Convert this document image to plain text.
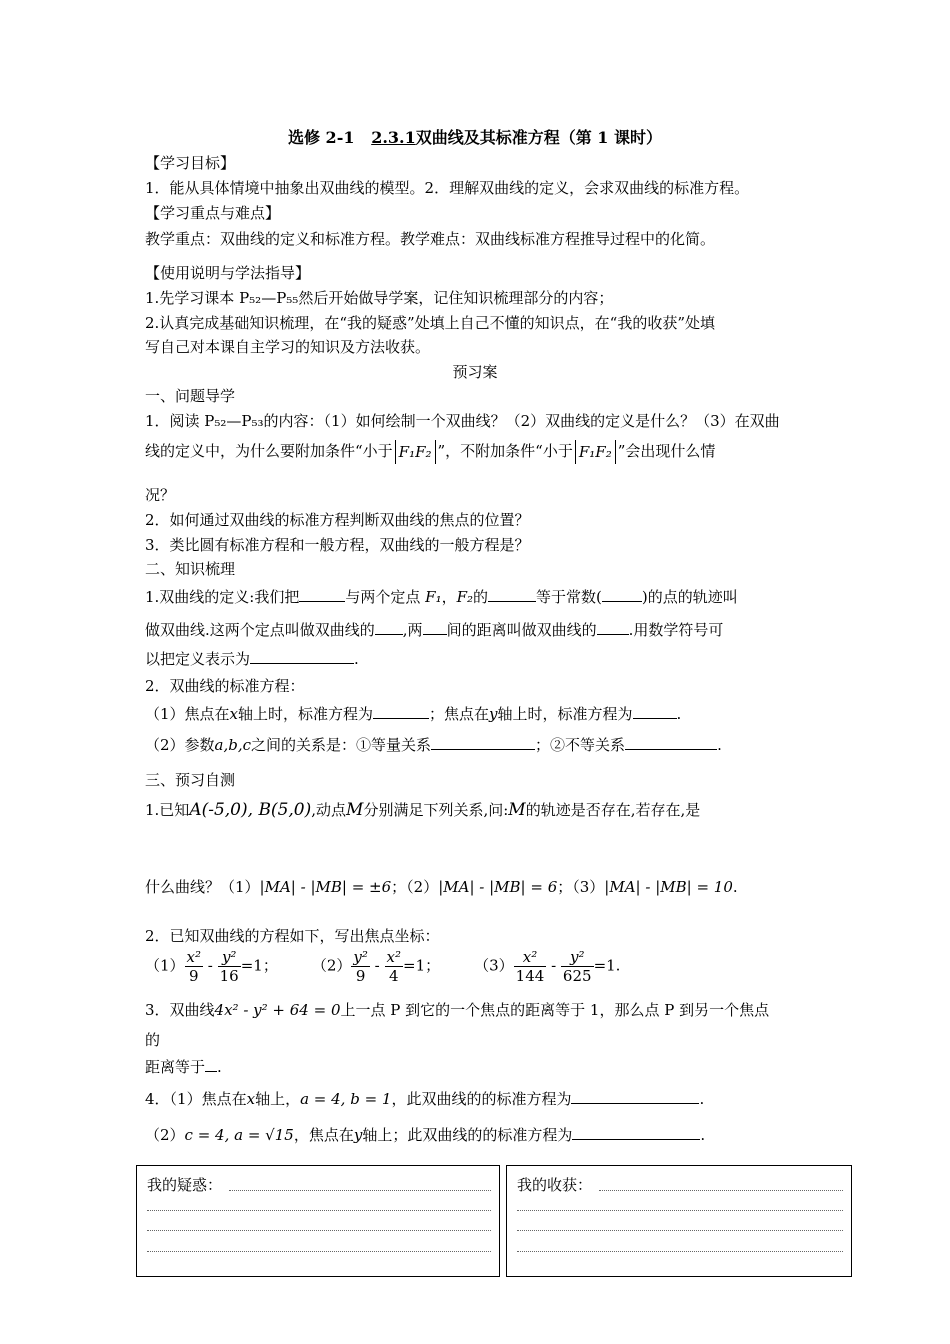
选修 2-1 2.3.1双曲线及其标准方程（第 1 课时）
【学习目标】
1．能从具体情境中抽象出双曲线的模型。2．理解双曲线的定义，会求双曲线的标准方程。
【学习重点与难点】
教学重点：双曲线的定义和标准方程。教学难点：双曲线标准方程推导过程中的化简。
【使用说明与学法指导】
1.先学习课本 P₅₂—P₅₅然后开始做导学案，记住知识梳理部分的内容；
2.认真完成基础知识梳理，在“我的疑惑”处填上自己不懂的知识点，在“我的收获”处填
写自己对本课自主学习的知识及方法收获。
预习案
一、问题导学
1．阅读 P₅₂—P₅₃的内容：（1）如何绘制一个双曲线？（2）双曲线的定义是什么？（3）在双曲
线的定义中，为什么要附加条件“小于 F₁F₂ ”，不附加条件“小于 F₁F₂ ”会出现什么情
况？
2．如何通过双曲线的标准方程判断双曲线的焦点的位置？
3．类比圆有标准方程和一般方程，双曲线的一般方程是？
二、知识梳理
1.双曲线的定义:我们把	与两个定点 F₁，F₂的	等于常数(	)的点的轨迹叫
做双曲线.这两个定点叫做双曲线的 ,两 间的距离叫做双曲线的 .用数学符号可
以把定义表示为	.
2．双曲线的标准方程：
（1）焦点在x轴上时，标准方程为	；焦点在y轴上时，标准方程为	.
（2）参数a,b,c之间的关系是：①等量关系	；②不等关系	.
三、预习自测
1.已知A(-5,0), B(5,0),动点M分别满足下列关系,问:M的轨迹是否存在,若存在,是
什么曲线？（1）|MA| - |MB| = ±6；（2）|MA| - |MB| = 6；（3）|MA| - |MB| = 10.
2．已知双曲线的方程如下，写出焦点坐标：
$(1) \frac{\text{x²}}{9} - \frac{\text{y²}}{16} =1$； $(2) \frac{\text{y²}}{9} - \frac{\text{x²}}{4} =1$； $(3) \frac{\text{x²}}{144} - \frac{\text{y²}}{625} =1$.
3．双曲线4x² - y² + 64 = 0上一点 P 到它的一个焦点的距离等于 1，那么点 P 到另一个焦点
的
距离等于 .
4．（1）焦点在x轴上，a = 4, b = 1，此双曲线的的标准方程为	.
（2）c = 4, a = √15，焦点在y轴上；此双曲线的的标准方程为	.
我的疑惑：	我的收获：
